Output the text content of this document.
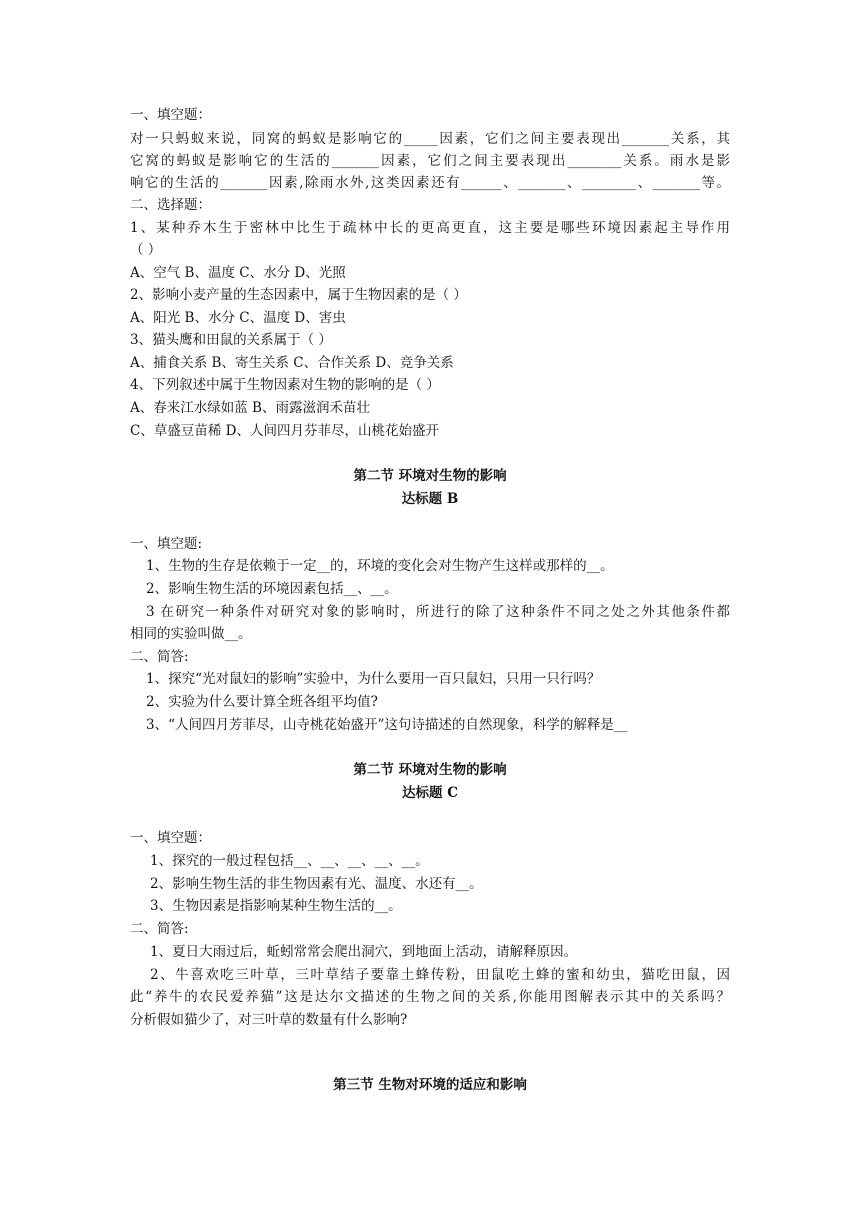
一、填空题：
对一只蚂蚁来说，同窝的蚂蚁是影响它的_____因素，它们之间主要表现出_______关系，其
它窝的蚂蚁是影响它的生活的_______因素，它们之间主要表现出________关系。雨水是影
响它的生活的_______因素,除雨水外,这类因素还有______、_______、________、_______等。
二、选择题：
1、某种乔木生于密林中比生于疏林中长的更高更直，这主要是哪些环境因素起主导作用
（ ）
A、空气 B、温度 C、水分 D、光照
2、影响小麦产量的生态因素中，属于生物因素的是（ ）
A、阳光 B、水分 C、温度 D、害虫
3、猫头鹰和田鼠的关系属于（ ）
A、捕食关系 B、寄生关系 C、合作关系 D、竞争关系
4、下列叙述中属于生物因素对生物的影响的是（ ）
A、春来江水绿如蓝 B、雨露滋润禾苗壮
C、草盛豆苗稀 D、人间四月芬菲尽，山桃花始盛开
第二节 环境对生物的影响
达标题 B
一、填空题:
1、生物的生存是依赖于一定__的，环境的变化会对生物产生这样或那样的__。
2、影响生物生活的环境因素包括__、__。
3 在研究一种条件对研究对象的影响时，所进行的除了这种条件不同之处之外其他条件都
相同的实验叫做__。
二、简答:
1、探究“光对鼠妇的影响”实验中，为什么要用一百只鼠妇，只用一只行吗？
2、实验为什么要计算全班各组平均值?
3、“人间四月芳菲尽，山寺桃花始盛开”这句诗描述的自然现象，科学的解释是__
第二节 环境对生物的影响
达标题 C
一、填空题：
1、探究的一般过程包括__、__、__、__、__。
2、影响生物生活的非生物因素有光、温度、水还有__。
3、生物因素是指影响某种生物生活的__。
二、简答:
1、夏日大雨过后，蚯蚓常常会爬出洞穴，到地面上活动，请解释原因。
2、牛喜欢吃三叶草，三叶草结子要靠土蜂传粉，田鼠吃土蜂的蜜和幼虫，猫吃田鼠，因
此“养牛的农民爱养猫”这是达尔文描述的生物之间的关系,你能用图解表示其中的关系吗？
分析假如猫少了，对三叶草的数量有什么影响?
第三节 生物对环境的适应和影响
